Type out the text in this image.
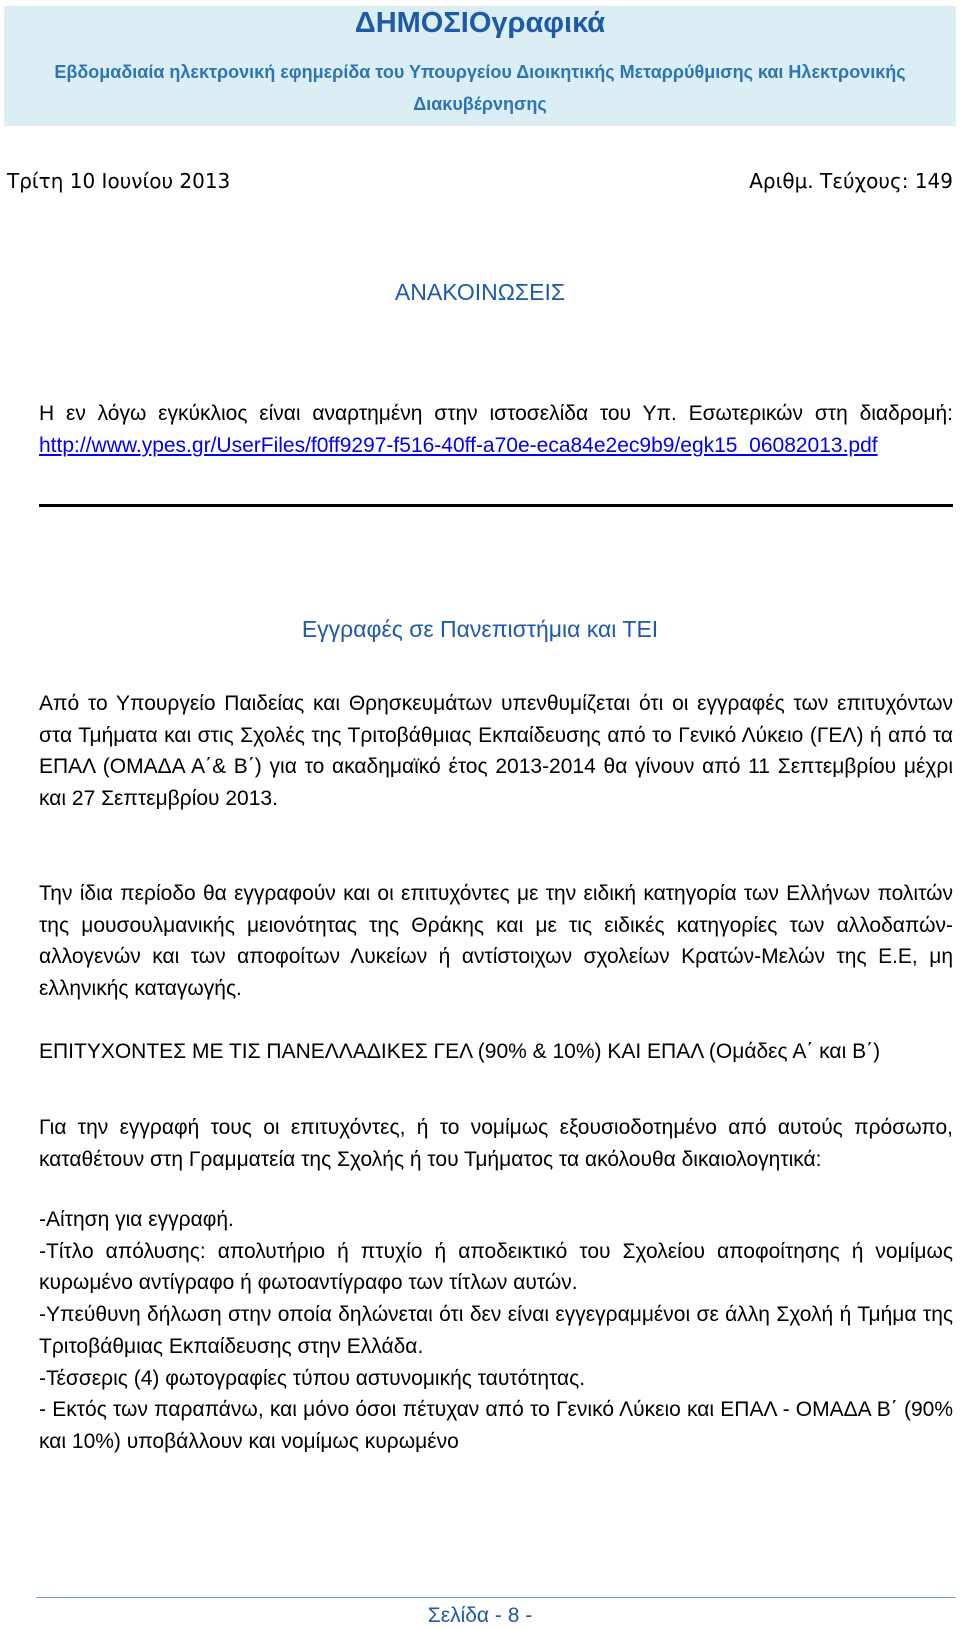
ΔΗΜΟΣΙΟγραφικά
Εβδομαδιαία ηλεκτρονική εφημερίδα του Υπουργείου Διοικητικής Μεταρρύθμισης και Ηλεκτρονικής Διακυβέρνησης
Τρίτη 10 Ιουνίου 2013	Αριθμ. Τεύχους: 149
ΑΝΑΚΟΙΝΩΣΕΙΣ
Η εν λόγω εγκύκλιος είναι αναρτημένη στην ιστοσελίδα του Υπ. Εσωτερικών στη διαδρομή: http://www.ypes.gr/UserFiles/f0ff9297-f516-40ff-a70e-eca84e2ec9b9/egk15_06082013.pdf
Εγγραφές σε Πανεπιστήμια και ΤΕΙ
Από το Υπουργείο Παιδείας και Θρησκευμάτων υπενθυμίζεται ότι οι εγγραφές των επιτυχόντων στα Τμήματα και στις Σχολές της Τριτοβάθμιας Εκπαίδευσης από το Γενικό Λύκειο (ΓΕΛ) ή από τα ΕΠΑΛ (ΟΜΑΔΑ Α΄& Β΄) για το ακαδημαϊκό έτος 2013-2014 θα γίνουν από 11 Σεπτεμβρίου μέχρι και 27 Σεπτεμβρίου 2013.
Την ίδια περίοδο θα εγγραφούν και οι επιτυχόντες με την ειδική κατηγορία των Ελλήνων πολιτών της μουσουλμανικής μειονότητας της Θράκης και με τις ειδικές κατηγορίες των αλλοδαπών-αλλογενών και των αποφοίτων Λυκείων ή αντίστοιχων σχολείων Κρατών-Μελών της Ε.Ε, μη ελληνικής καταγωγής.
ΕΠΙΤΥΧΟΝΤΕΣ ΜΕ ΤΙΣ ΠΑΝΕΛΛΑΔΙΚΕΣ ΓΕΛ (90% & 10%) ΚΑΙ ΕΠΑΛ (Ομάδες Α΄ και Β΄)
Για την εγγραφή τους οι επιτυχόντες, ή το νομίμως εξουσιοδοτημένο από αυτούς πρόσωπο, καταθέτουν στη Γραμματεία της Σχολής ή του Τμήματος τα ακόλουθα δικαιολογητικά:
-Αίτηση για εγγραφή.
-Τίτλο απόλυσης: απολυτήριο ή πτυχίο ή αποδεικτικό του Σχολείου αποφοίτησης ή νομίμως κυρωμένο αντίγραφο ή φωτοαντίγραφο των τίτλων αυτών.
-Υπεύθυνη δήλωση στην οποία δηλώνεται ότι δεν είναι εγγεγραμμένοι σε άλλη Σχολή ή Τμήμα της Τριτοβάθμιας Εκπαίδευσης στην Ελλάδα.
-Τέσσερις (4) φωτογραφίες τύπου αστυνομικής ταυτότητας.
- Εκτός των παραπάνω, και μόνο όσοι πέτυχαν από το Γενικό Λύκειο και ΕΠΑΛ - ΟΜΑΔΑ Β΄ (90% και 10%) υποβάλλουν και νομίμως κυρωμένο
Σελίδα - 8 -
